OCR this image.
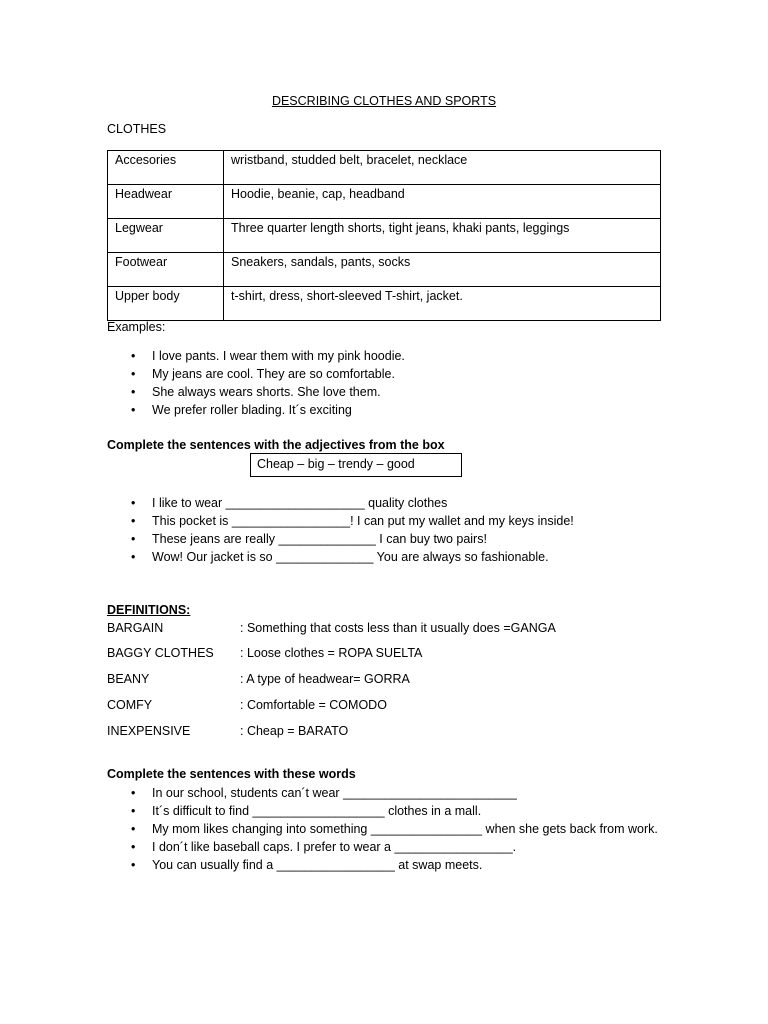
DESCRIBING CLOTHES AND SPORTS
CLOTHES
Accesories	wristband, studded belt, bracelet, necklace
Headwear	Hoodie, beanie, cap, headband
Legwear	Three quarter length shorts, tight jeans, khaki pants, leggings
Footwear	Sneakers, sandals, pants, socks
Upper body	t-shirt, dress, short-sleeved T-shirt, jacket.
Examples:
• I love pants. I wear them with my pink hoodie.
• My jeans are cool. They are so comfortable.
• She always wears shorts. She love them.
• We prefer roller blading. It´s exciting
Complete the sentences with the adjectives from the box
Cheap – big – trendy – good
• I like to wear ____________________ quality clothes
• This pocket is _________________! I can put my wallet and my keys inside!
• These jeans are really ______________ I can buy two pairs!
• Wow! Our jacket is so ______________ You are always so fashionable.
DEFINITIONS:
BARGAIN	: Something that costs less than it usually does =GANGA
BAGGY CLOTHES : Loose clothes = ROPA SUELTA
BEANY	: A type of headwear= GORRA
COMFY	: Comfortable = COMODO
INEXPENSIVE	: Cheap = BARATO
Complete the sentences with these words
• In our school, students can´t wear _________________________
• It´s difficult to find ___________________ clothes in a mall.
• My mom likes changing into something ________________ when she gets back from work.
• I don´t like baseball caps. I prefer to wear a _________________.
• You can usually find a _________________ at swap meets.
